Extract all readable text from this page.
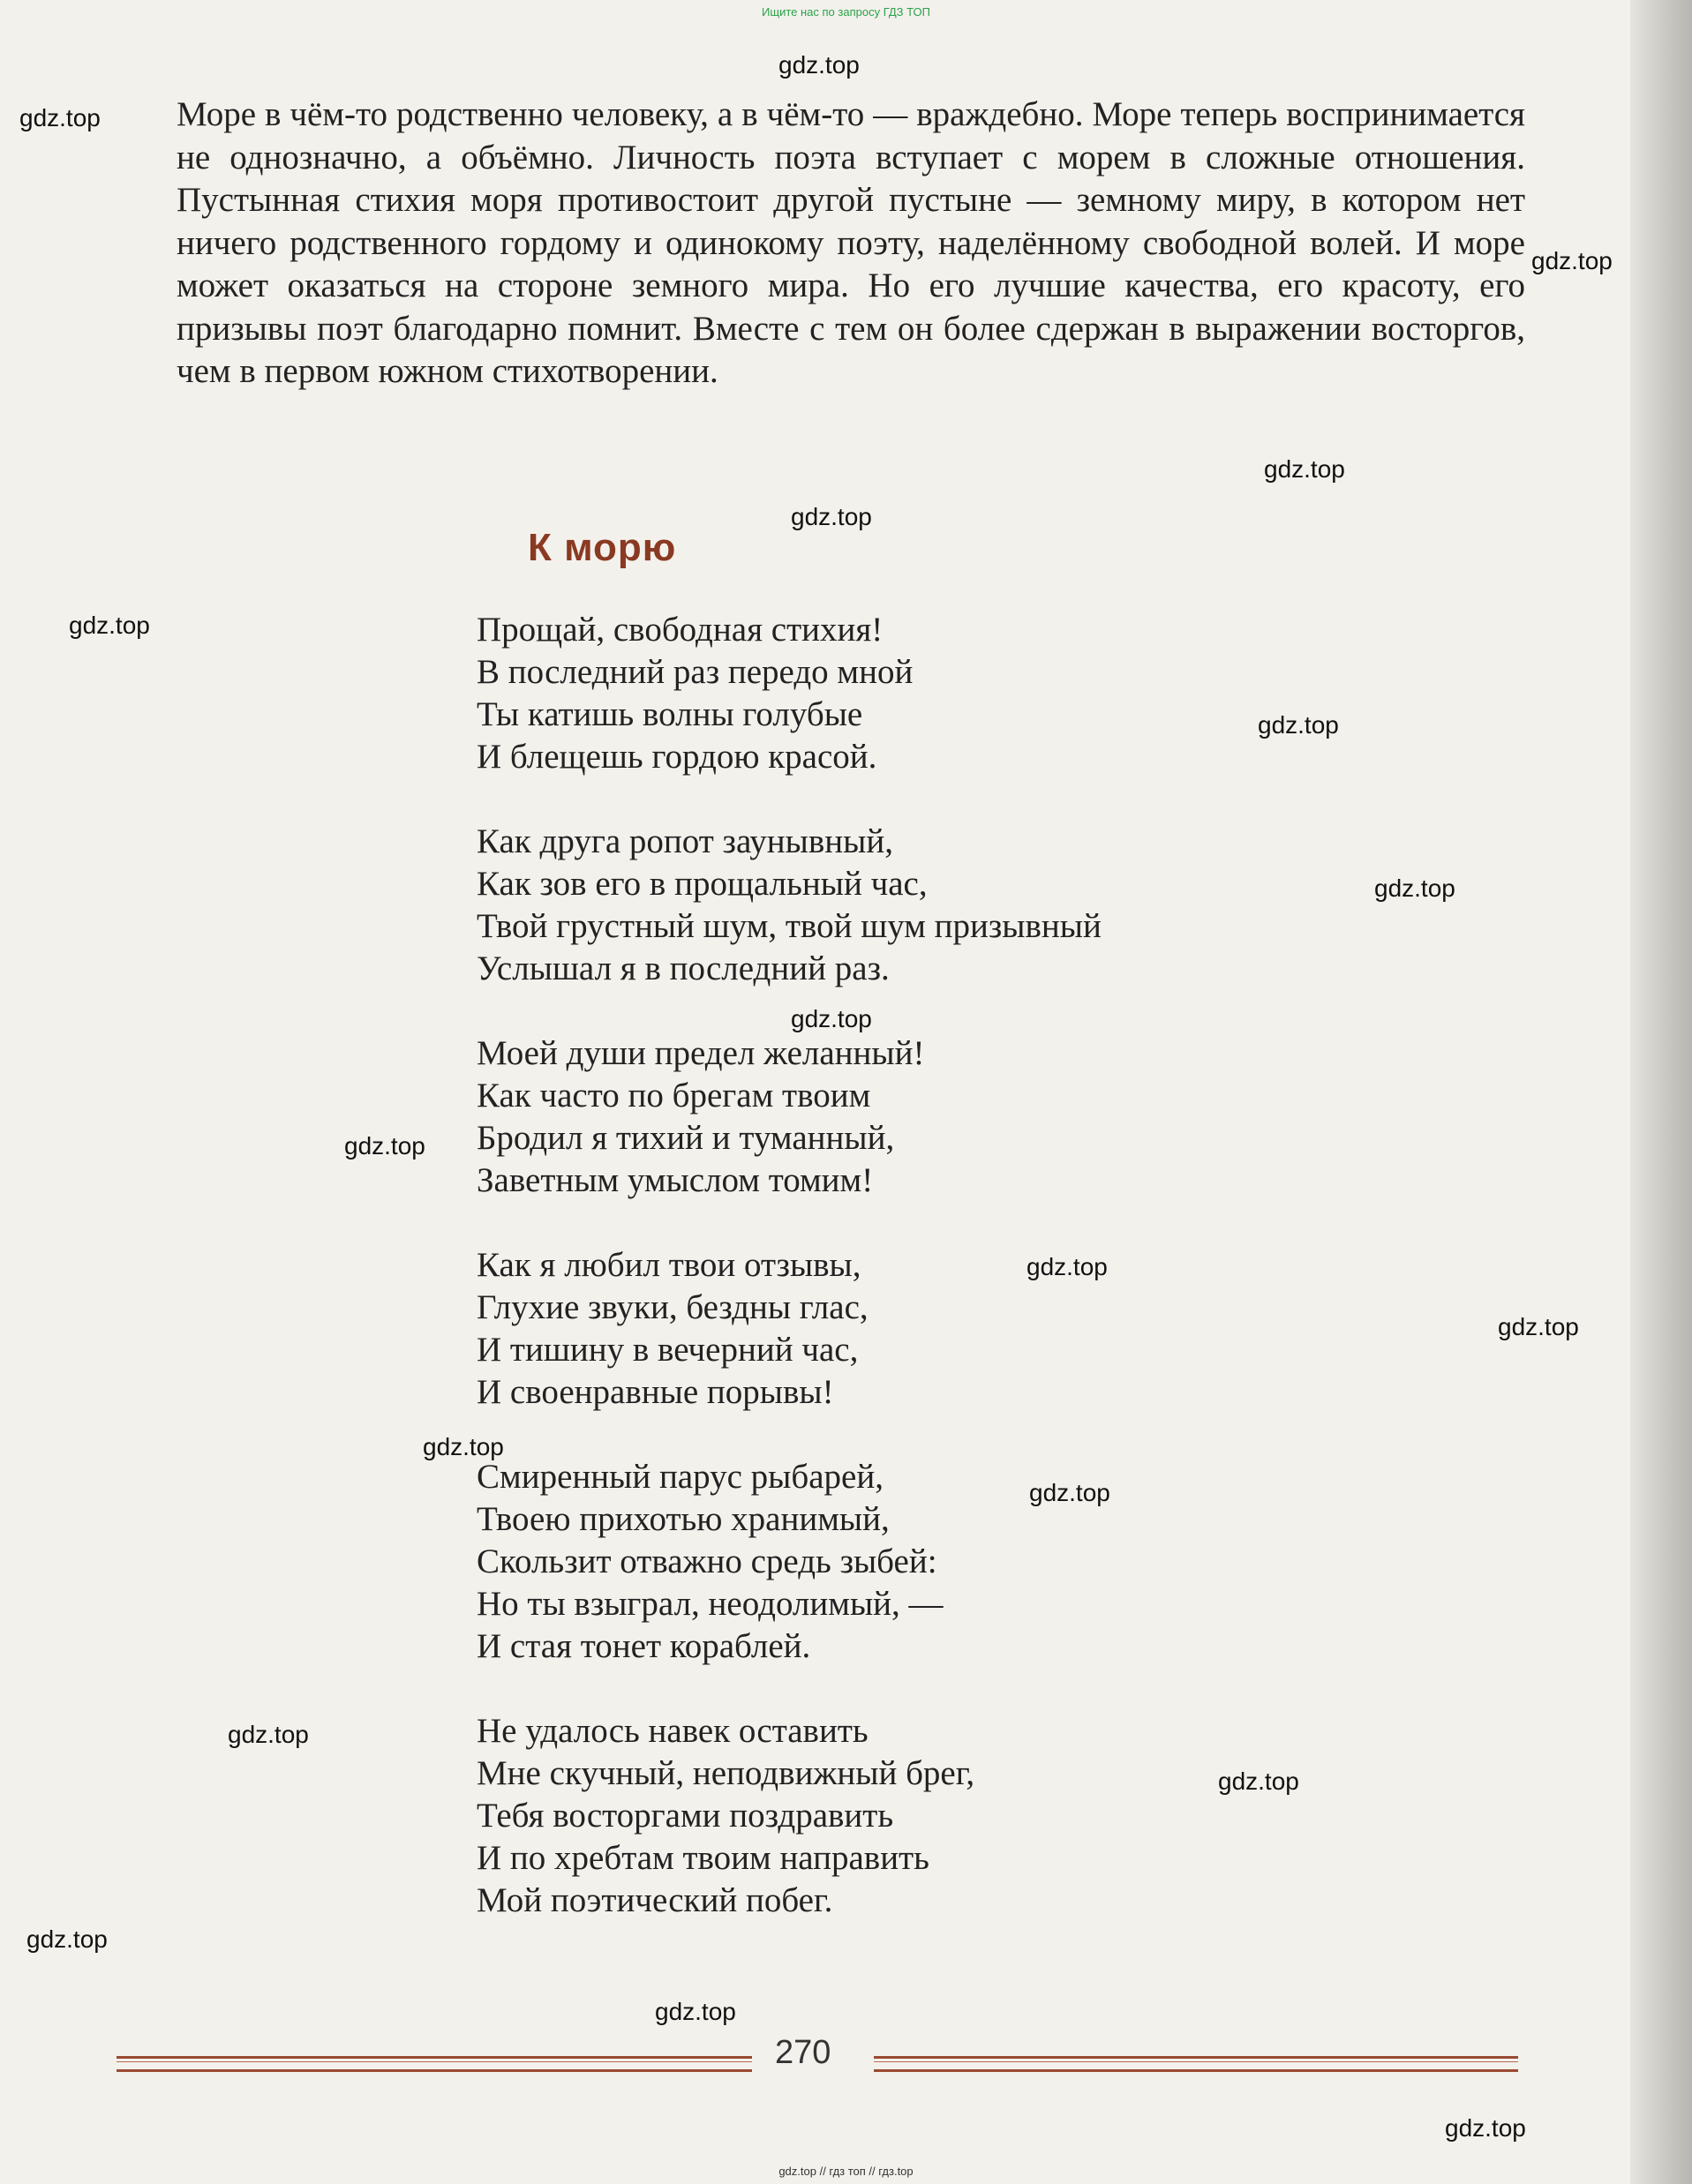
Ищите нас по запросу ГДЗ ТОП

Море в чём-то родственно человеку, а в чём-то — враждебно. Море теперь воспринимается не однозначно, а объёмно. Личность поэта вступает с морем в сложные отношения. Пустынная стихия моря противостоит другой пустыне — земному миру, в котором нет ничего родственного гордому и одинокому поэту, наделённому свободной волей. И море может оказаться на стороне земного мира. Но его лучшие качества, его красоту, его призывы поэт благодарно помнит. Вместе с тем он более сдержан в выражении восторгов, чем в первом южном стихотворении.

К морю
Прощай, свободная стихия!
В последний раз передо мной
Ты катишь волны голубые
И блещешь гордою красой.
Как друга ропот заунывный,
Как зов его в прощальный час,
Твой грустный шум, твой шум призывный
Услышал я в последний раз.
Моей души предел желанный!
Как часто по брегам твоим
Бродил я тихий и туманный,
Заветным умыслом томим!
Как я любил твои отзывы,
Глухие звуки, бездны глас,
И тишину в вечерний час,
И своенравные порывы!
Смиренный парус рыбарей,
Твоею прихотью хранимый,
Скользит отважно средь зыбей:
Но ты взыграл, неодолимый, —
И стая тонет кораблей.
Не удалось навек оставить
Мне скучный, неподвижный брег,
Тебя восторгами поздравить
И по хребтам твоим направить
Мой поэтический побег.
gdz.top
gdz.top
gdz.top
gdz.top
gdz.top
gdz.top
gdz.top
gdz.top
gdz.top
gdz.top
gdz.top
gdz.top
gdz.top
gdz.top
gdz.top
gdz.top
gdz.top
gdz.top
gdz.top
270
gdz.top // гдз топ // гдз.top
